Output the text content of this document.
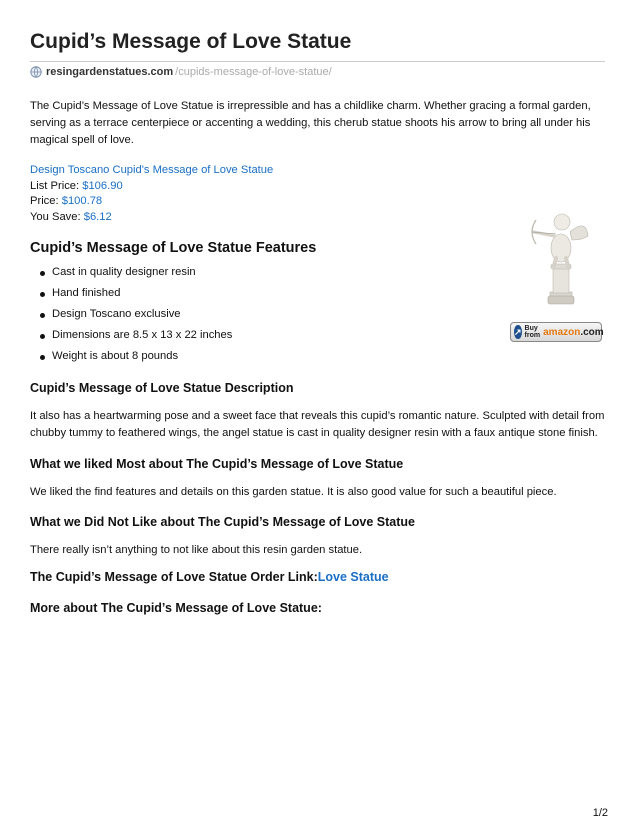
Cupid’s Message of Love Statue
resingardenstatues.com /cupids-message-of-love-statue/

The Cupid’s Message of Love Statue is irrepressible and has a childlike charm. Whether gracing a formal garden, serving as a terrace centerpiece or accenting a wedding, this cherub statue shoots his arrow to bring all under his magical spell of love.

Design Toscano Cupid's Message of Love Statue
List Price: $106.90
Price: $100.78
You Save: $6.12
↗ Buy
from amazon.com
Cupid’s Message of Love Statue Features
Cast in quality designer resin
Hand finished
Design Toscano exclusive
Dimensions are 8.5 x 13 x 22 inches
Weight is about 8 pounds
Cupid’s Message of Love Statue Description

It also has a heartwarming pose and a sweet face that reveals this cupid’s romantic nature. Sculpted with detail from chubby tummy to feathered wings, the angel statue is cast in quality designer resin with a faux antique stone finish.

What we liked Most about The Cupid’s Message of Love Statue

We liked the find features and details on this garden statue. It is also good value for such a beautiful piece.

What we Did Not Like about The Cupid’s Message of Love Statue

There really isn’t anything to not like about this resin garden statue.

The Cupid’s Message of Love Statue Order Link:Love Statue
More about The Cupid’s Message of Love Statue:
1/2
